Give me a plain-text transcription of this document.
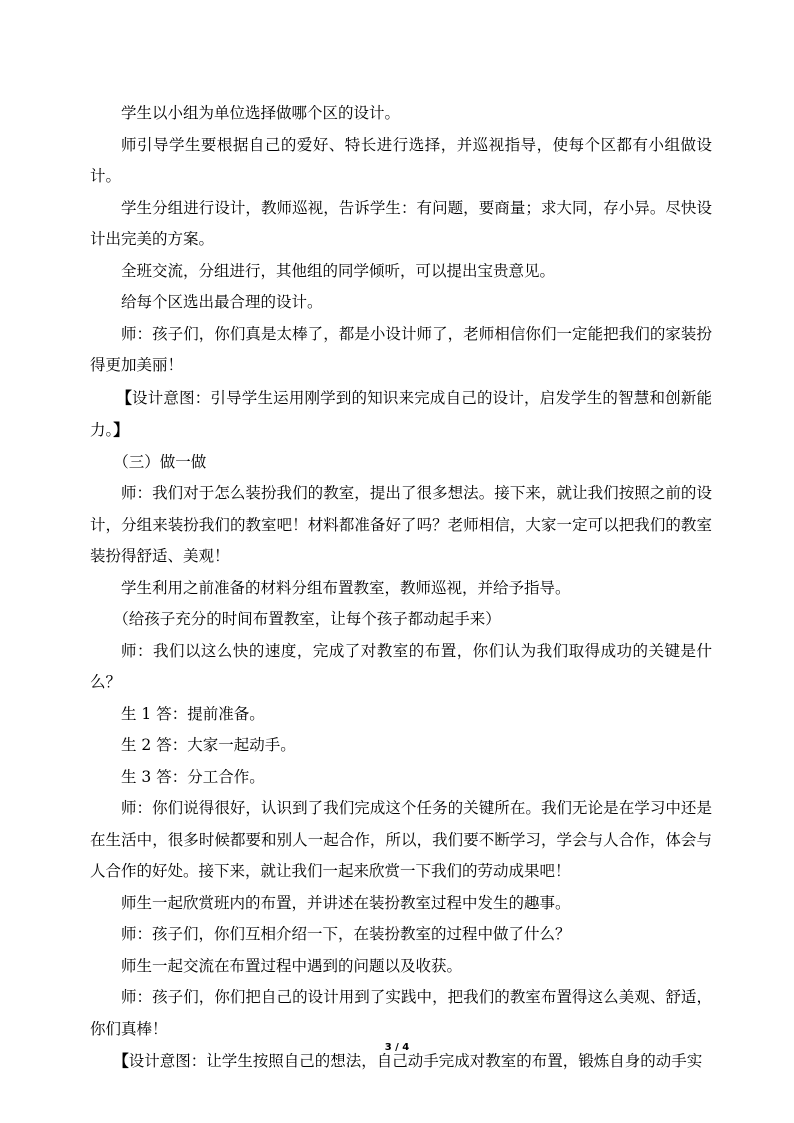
学生以小组为单位选择做哪个区的设计。

师引导学生要根据自己的爱好、特长进行选择，并巡视指导，使每个区都有小组做设计。

学生分组进行设计，教师巡视，告诉学生：有问题，要商量；求大同，存小异。尽快设计出完美的方案。

全班交流，分组进行，其他组的同学倾听，可以提出宝贵意见。

给每个区选出最合理的设计。

师：孩子们，你们真是太棒了，都是小设计师了，老师相信你们一定能把我们的家装扮得更加美丽！

【设计意图：引导学生运用刚学到的知识来完成自己的设计，启发学生的智慧和创新能力。】

（三）做一做

师：我们对于怎么装扮我们的教室，提出了很多想法。接下来，就让我们按照之前的设计，分组来装扮我们的教室吧！材料都准备好了吗？老师相信，大家一定可以把我们的教室装扮得舒适、美观！

学生利用之前准备的材料分组布置教室，教师巡视，并给予指导。

（给孩子充分的时间布置教室，让每个孩子都动起手来）

师：我们以这么快的速度，完成了对教室的布置，你们认为我们取得成功的关键是什么？

生 1 答：提前准备。

生 2 答：大家一起动手。

生 3 答：分工合作。

师：你们说得很好，认识到了我们完成这个任务的关键所在。我们无论是在学习中还是在生活中，很多时候都要和别人一起合作，所以，我们要不断学习，学会与人合作，体会与人合作的好处。接下来，就让我们一起来欣赏一下我们的劳动成果吧！

师生一起欣赏班内的布置，并讲述在装扮教室过程中发生的趣事。

师：孩子们，你们互相介绍一下，在装扮教室的过程中做了什么？

师生一起交流在布置过程中遇到的问题以及收获。

师：孩子们，你们把自己的设计用到了实践中，把我们的教室布置得这么美观、舒适，你们真棒！

【设计意图：让学生按照自己的想法，自己动手完成对教室的布置，锻炼自身的动手实

3 / 4
